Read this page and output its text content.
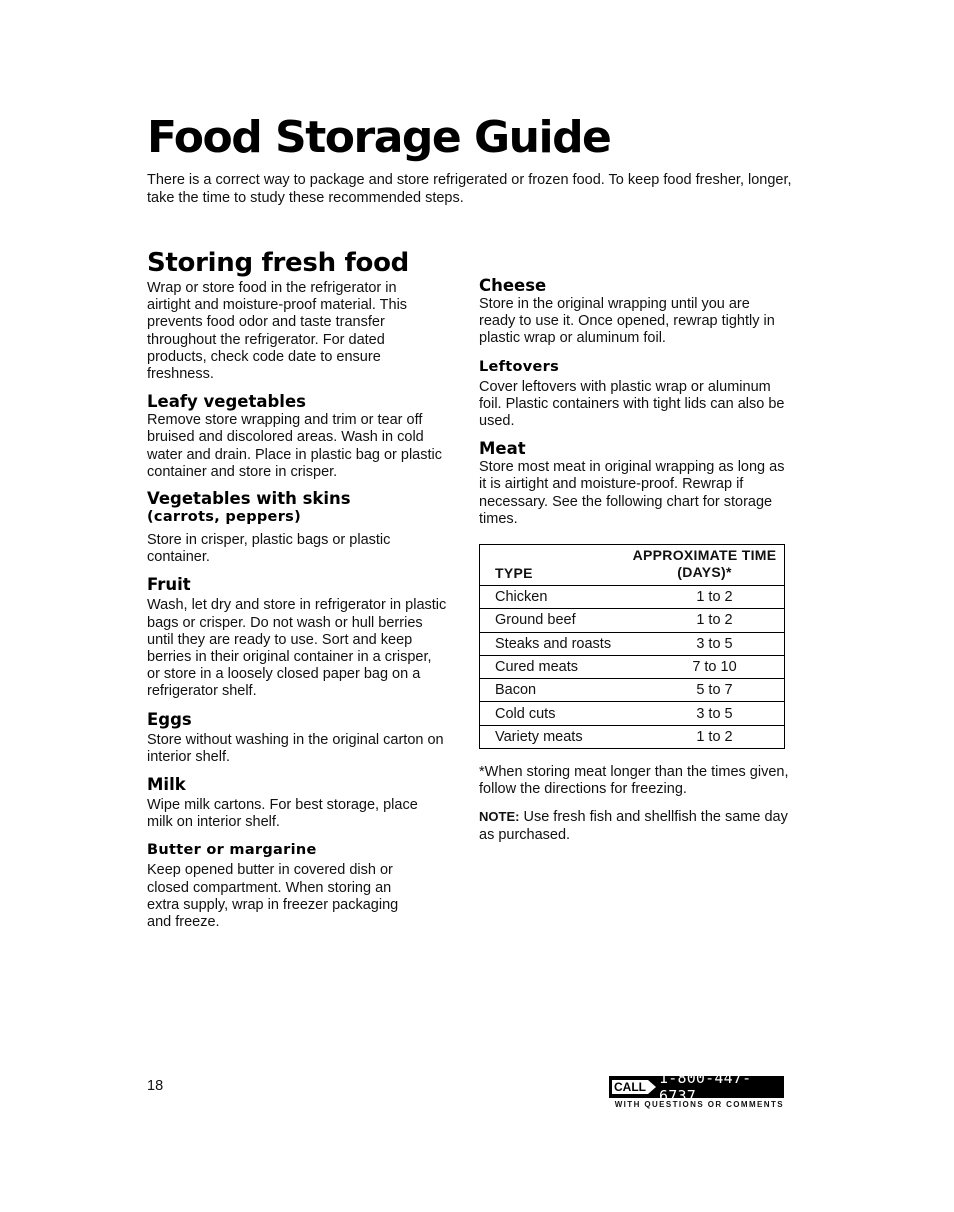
Food Storage Guide

There is a correct way to package and store refrigerated or frozen food. To keep food fresher, longer, take the time to study these recommended steps.

Storing fresh food

Wrap or store food in the refrigerator in airtight and moisture-proof material. This prevents food odor and taste transfer throughout the refrigerator. For dated products, check code date to ensure freshness.

Leafy vegetables

Remove store wrapping and trim or tear off bruised and discolored areas. Wash in cold water and drain. Place in plastic bag or plastic container and store in crisper.

Vegetables with skins
(carrots, peppers)

Store in crisper, plastic bags or plastic container.

Fruit

Wash, let dry and store in refrigerator in plastic bags or crisper. Do not wash or hull berries until they are ready to use. Sort and keep berries in their original container in a crisper, or store in a loosely closed paper bag on a refrigerator shelf.

Eggs

Store without washing in the original carton on interior shelf.

Milk

Wipe milk cartons. For best storage, place milk on interior shelf.

Butter or margarine

Keep opened butter in covered dish or closed compartment. When storing an extra supply, wrap in freezer packaging and freeze.

Cheese

Store in the original wrapping until you are ready to use it. Once opened, rewrap tightly in plastic wrap or aluminum foil.

Leftovers

Cover leftovers with plastic wrap or aluminum foil. Plastic containers with tight lids can also be used.

Meat

Store most meat in original wrapping as long as it is airtight and moisture-proof. Rewrap if necessary. See the following chart for storage times.

TYPE	APPROXIMATE TIME
(DAYS)*
Chicken	1 to 2
Ground beef	1 to 2
Steaks and roasts	3 to 5
Cured meats	7 to 10
Bacon	5 to 7
Cold cuts	3 to 5
Variety meats	1 to 2

*When storing meat longer than the times given, follow the directions for freezing.

NOTE: Use fresh fish and shellfish the same day as purchased.

18	CALL 1-800-447-6737
WITH QUESTIONS OR COMMENTS
